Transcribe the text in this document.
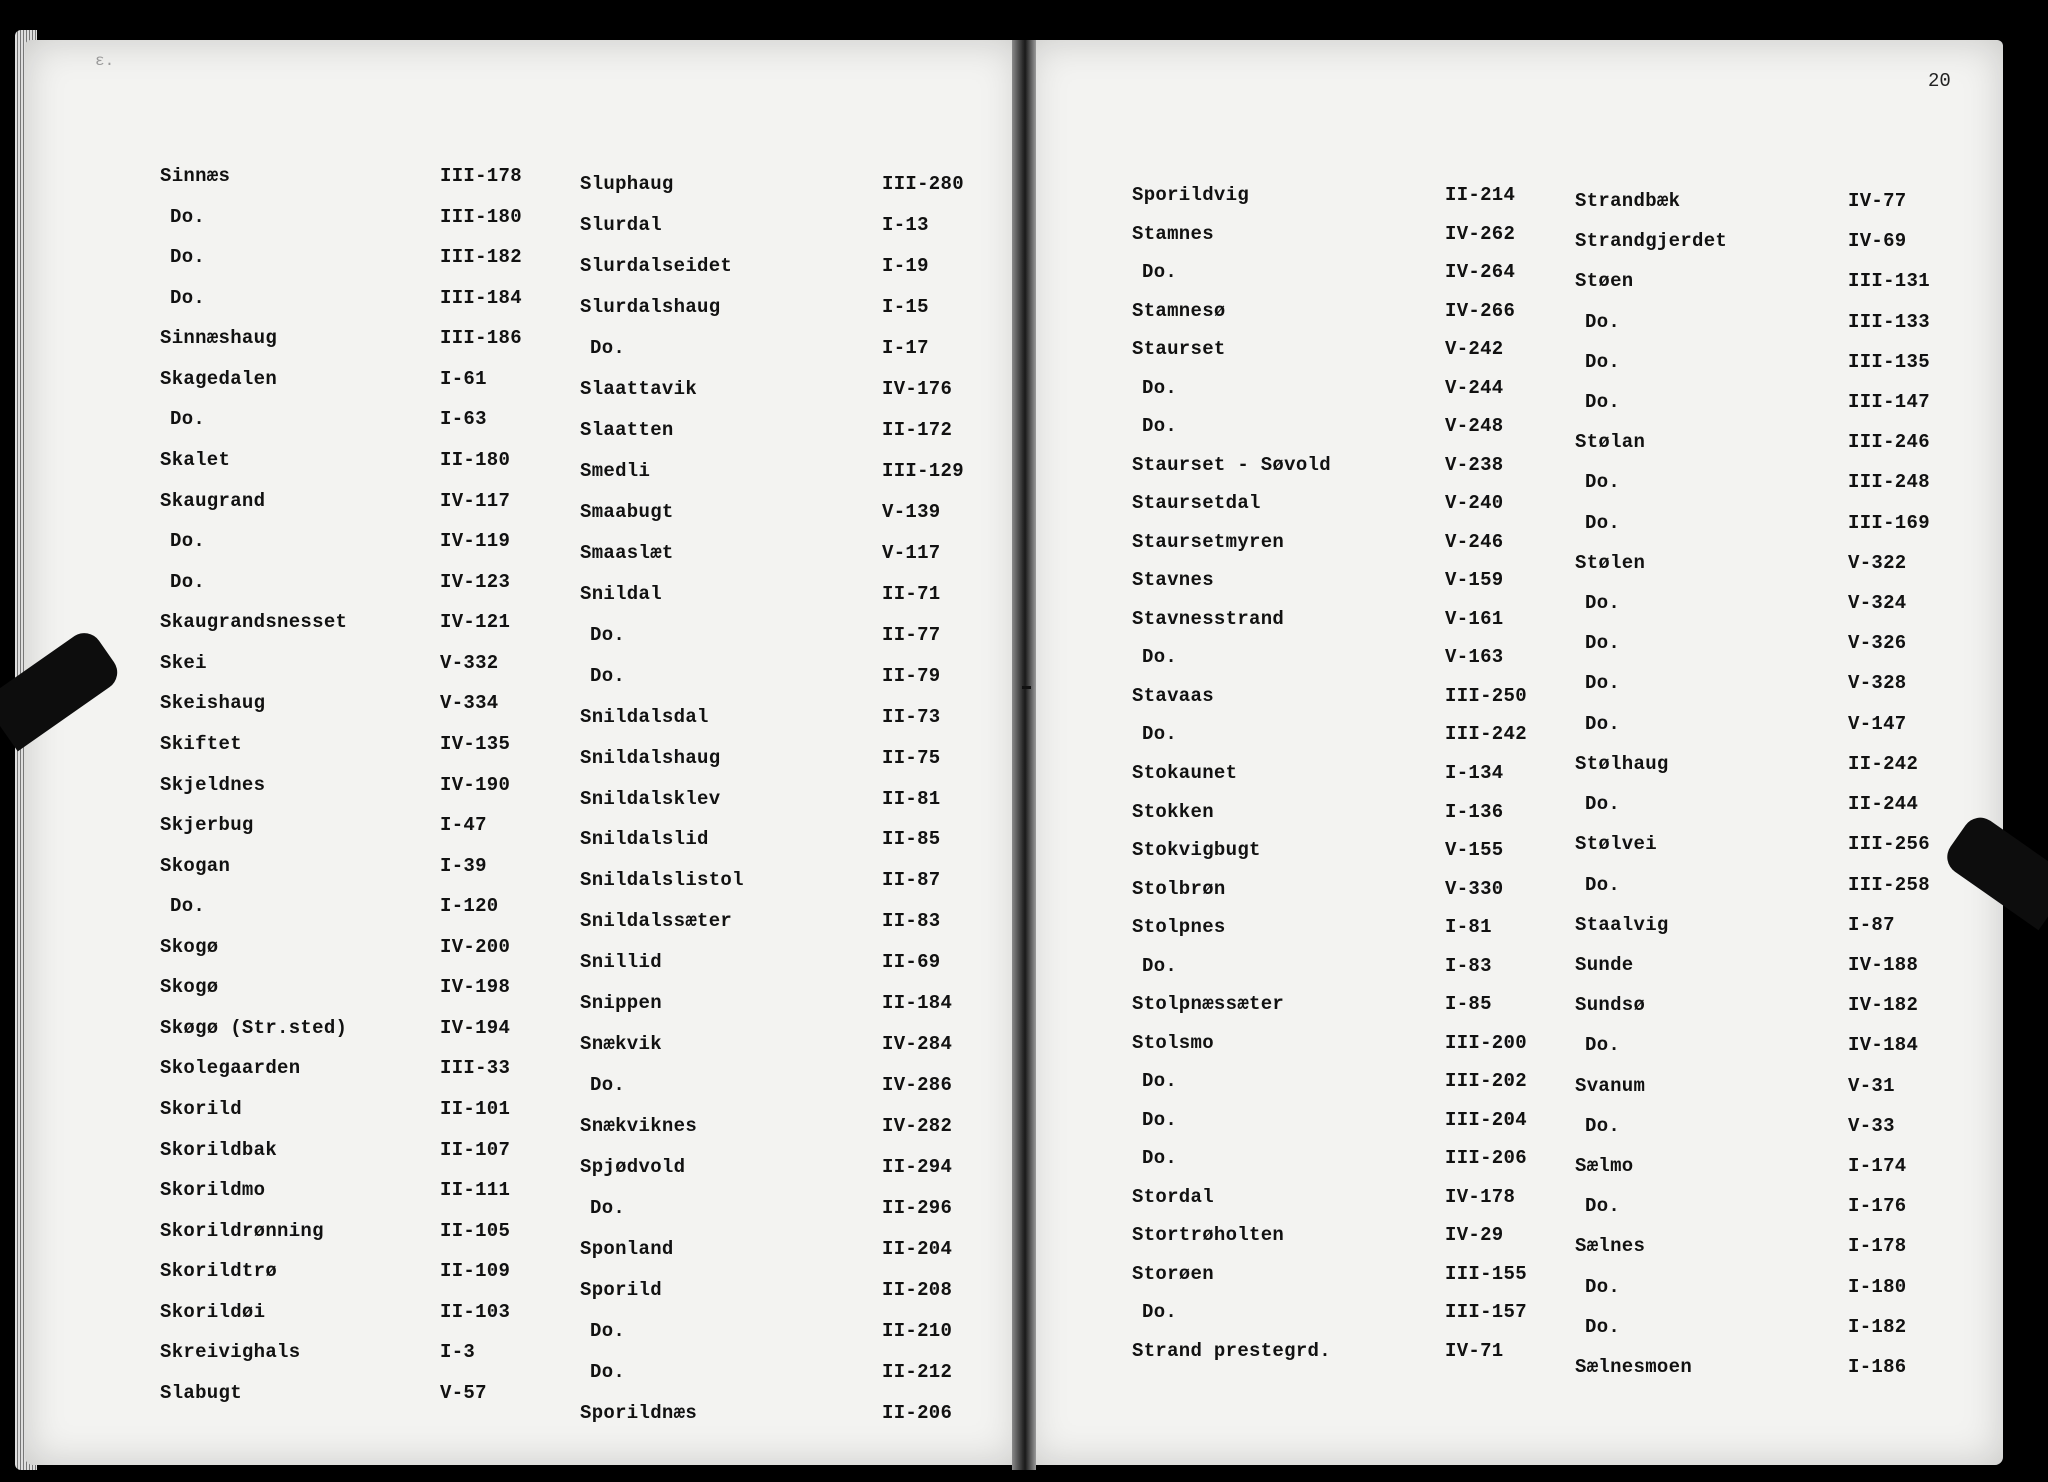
ε.
20
Sinnæs	III-178
Do.	III-180
Do.	III-182
Do.	III-184
Sinnæshaug	III-186
Skagedalen	I-61
Do.	I-63
Skalet	II-180
Skaugrand	IV-117
Do.	IV-119
Do.	IV-123
Skaugrandsnesset	IV-121
Skei	V-332
Skeishaug	V-334
Skiftet	IV-135
Skjeldnes	IV-190
Skjerbug	I-47
Skogan	I-39
Do.	I-120
Skogø	IV-200
Skogø	IV-198
Skøgø (Str.sted)	IV-194
Skolegaarden	III-33
Skorild	II-101
Skorildbak	II-107
Skorildmo	II-111
Skorildrønning	II-105
Skorildtrø	II-109
Skorildøi	II-103
Skreivighals	I-3
Slabugt	V-57
Sluphaug	III-280
Slurdal	I-13
Slurdalseidet	I-19
Slurdalshaug	I-15
Do.	I-17
Slaattavik	IV-176
Slaatten	II-172
Smedli	III-129
Smaabugt	V-139
Smaaslæt	V-117
Snildal	II-71
Do.	II-77
Do.	II-79
Snildalsdal	II-73
Snildalshaug	II-75
Snildalsklev	II-81
Snildalslid	II-85
Snildalslistol	II-87
Snildalssæter	II-83
Snillid	II-69
Snippen	II-184
Snækvik	IV-284
Do.	IV-286
Snækviknes	IV-282
Spjødvold	II-294
Do.	II-296
Sponland	II-204
Sporild	II-208
Do.	II-210
Do.	II-212
Sporildnæs	II-206
Sporildvig	II-214
Stamnes	IV-262
Do.	IV-264
Stamnesø	IV-266
Staurset	V-242
Do.	V-244
Do.	V-248
Staurset - Søvold	V-238
Staursetdal	V-240
Staursetmyren	V-246
Stavnes	V-159
Stavnesstrand	V-161
Do.	V-163
Stavaas	III-250
Do.	III-242
Stokaunet	I-134
Stokken	I-136
Stokvigbugt	V-155
Stolbrøn	V-330
Stolpnes	I-81
Do.	I-83
Stolpnæssæter	I-85
Stolsmo	III-200
Do.	III-202
Do.	III-204
Do.	III-206
Stordal	IV-178
Stortrøholten	IV-29
Storøen	III-155
Do.	III-157
Strand prestegrd.	IV-71
Strandbæk	IV-77
Strandgjerdet	IV-69
Støen	III-131
Do.	III-133
Do.	III-135
Do.	III-147
Stølan	III-246
Do.	III-248
Do.	III-169
Stølen	V-322
Do.	V-324
Do.	V-326
Do.	V-328
Do.	V-147
Stølhaug	II-242
Do.	II-244
Stølvei	III-256
Do.	III-258
Staalvig	I-87
Sunde	IV-188
Sundsø	IV-182
Do.	IV-184
Svanum	V-31
Do.	V-33
Sælmo	I-174
Do.	I-176
Sælnes	I-178
Do.	I-180
Do.	I-182
Sælnesmoen	I-186
